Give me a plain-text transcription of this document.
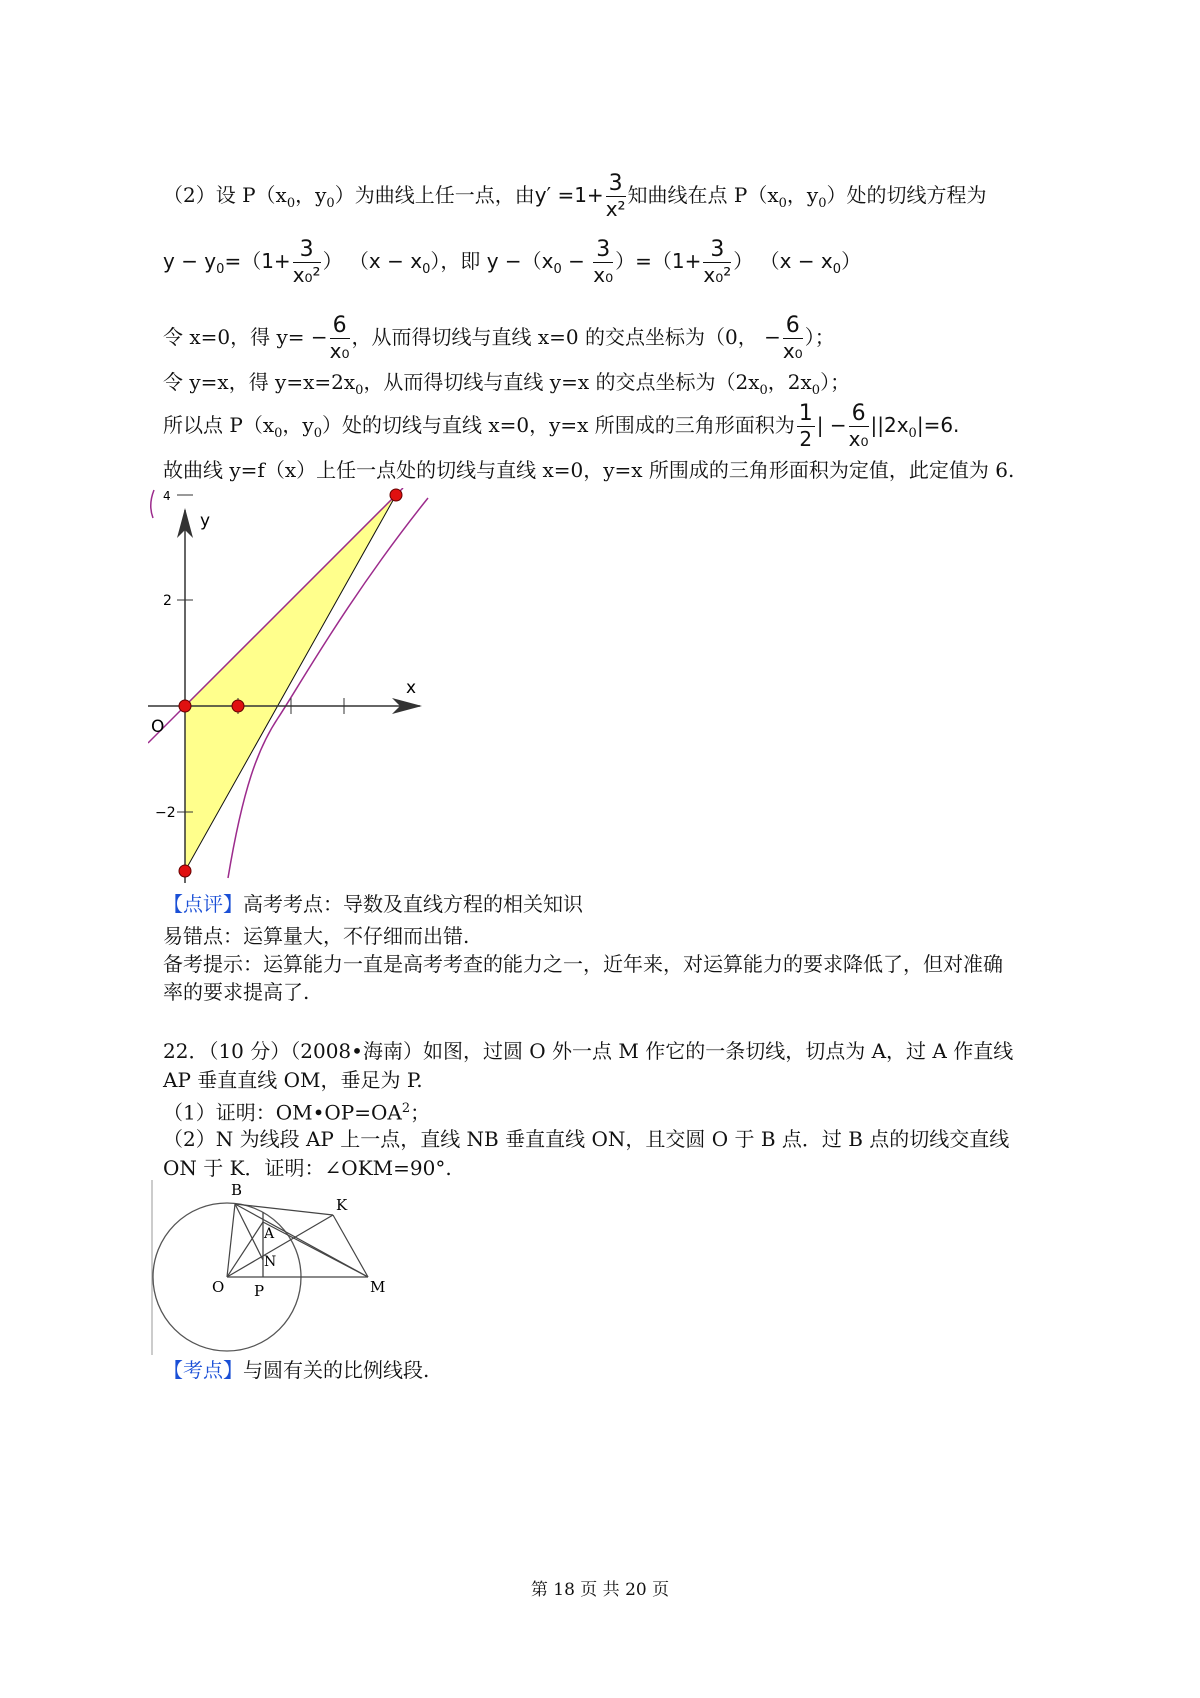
（2）设 $P(x_0$，$y_0$）为曲线上任一点，由$y' =1+ \frac{3}{\text{x²}}$ 知曲线在点 $P(x_0$，$y_0$）处的切线方程为
$y - y_0=(1+ \frac{3}{\text{x₀²}}$ ） $(x - x_0)$，即 $y -(x_0 - \frac{3}{\text{x₀}} )=(1+ \frac{3}{\text{x₀²}}$ ） $(x - x_0)$
令 x=0，得 $y= - \frac{6}{\text{x₀}}$ ，从而得切线与直线 x=0 的交点坐标为（0， − $\frac{6}{\text{x₀}}$ ）；
令 y=x，得 $y=x=2x_0$，从而得切线与直线 y=x 的交点坐标为（$2x_0$，$2x_0$）；
所以点 $P(x_0$，$y_0$）处的切线与直线 x=0，y=x 所围成的三角形面积为 $\frac{1}{2}$ | − $\frac{6}{\text{x₀}} ||2x_0|=6$.
故曲线 y=f（x）上任一点处的切线与直线 x=0，y=x 所围成的三角形面积为定值，此定值为 6.
4
2
−2
y
x
O
【点评】高考考点：导数及直线方程的相关知识
易错点：运算量大，不仔细而出错.
备考提示：运算能力一直是高考考查的能力之一，近年来，对运算能力的要求降低了，但对准确
率的要求提高了.
22．（10 分）（2008•海南）如图，过圆 O 外一点 M 作它的一条切线，切点为 A，过 A 作直线
AP 垂直直线 OM，垂足为 P.
（1）证明：$OM•OP=OA^2$；
（2）N 为线段 AP 上一点，直线 NB 垂直直线 ON，且交圆 O 于 B 点．过 B 点的切线交直线
ON 于 K．证明：∠OKM=90°.
B
K
A
N
O P	M
【考点】与圆有关的比例线段.
第 18 页 共 20 页
